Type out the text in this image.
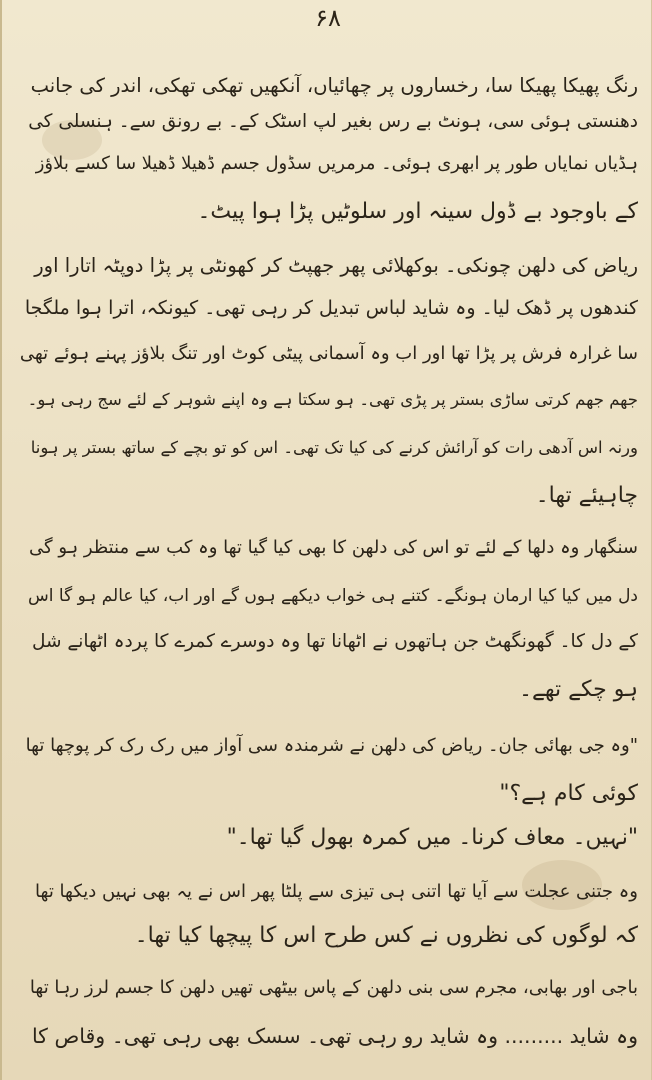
۶۸
رنگ پھیکا پھیکا سا، رخساروں پر چھائیاں، آنکھیں تھکی تھکی، اندر کی جانب
دھنستی ہوئی سی، ہونٹ بے رس بغیر لپ اسٹک کے۔ بے رونق سے۔ ہنسلی کی
ہڈیاں نمایاں طور پر ابھری ہوئی۔ مرمریں سڈول جسم ڈھیلا ڈھیلا سا کسے بلاؤز
کے باوجود بے ڈول سینہ اور سلوٹیں پڑا ہوا پیٹ۔
ریاض کی دلھن چونکی۔ بوکھلائی پھر جھپٹ کر کھونٹی پر پڑا دوپٹہ اتارا اور
کندھوں پر ڈھک لیا۔ وہ شاید لباس تبدیل کر رہی تھی۔ کیونکہ، اترا ہوا ملگجا
سا غرارہ فرش پر پڑا تھا اور اب وہ آسمانی پیٹی کوٹ اور تنگ بلاؤز پہنے ہوئے تھی
جھم جھم کرتی ساڑی بستر پر پڑی تھی۔ ہو سکتا ہے وہ اپنے شوہر کے لئے سج رہی ہو۔
ورنہ اس آدھی رات کو آرائش کرنے کی کیا تک تھی۔ اس کو تو بچے کے ساتھ بستر پر ہونا
چاہیئے تھا۔
سنگھار وہ دلھا کے لئے تو اس کی دلھن کا بھی کیا گیا تھا وہ کب سے منتظر ہو گی
دل میں کیا کیا ارمان ہونگے۔ کتنے ہی خواب دیکھے ہوں گے اور اب، کیا عالم ہو گا اس
کے دل کا۔ گھونگھٹ جن ہاتھوں نے اٹھانا تھا وہ دوسرے کمرے کا پردہ اٹھانے شل
ہو چکے تھے۔
"وہ جی بھائی جان۔ ریاض کی دلھن نے شرمندہ سی آواز میں رک رک کر پوچھا تھا
کوئی کام ہے؟"
"نہیں۔ معاف کرنا۔ میں کمرہ بھول گیا تھا۔"
وہ جتنی عجلت سے آیا تھا اتنی ہی تیزی سے پلٹا پھر اس نے یہ بھی نہیں دیکھا تھا
کہ لوگوں کی نظروں نے کس طرح اس کا پیچھا کیا تھا۔
باجی اور بھابی، مجرم سی بنی دلھن کے پاس بیٹھی تھیں دلھن کا جسم لرز رہا تھا
وہ شاید ......... وہ شاید رو رہی تھی۔ سسک بھی رہی تھی۔ وقاص کا
